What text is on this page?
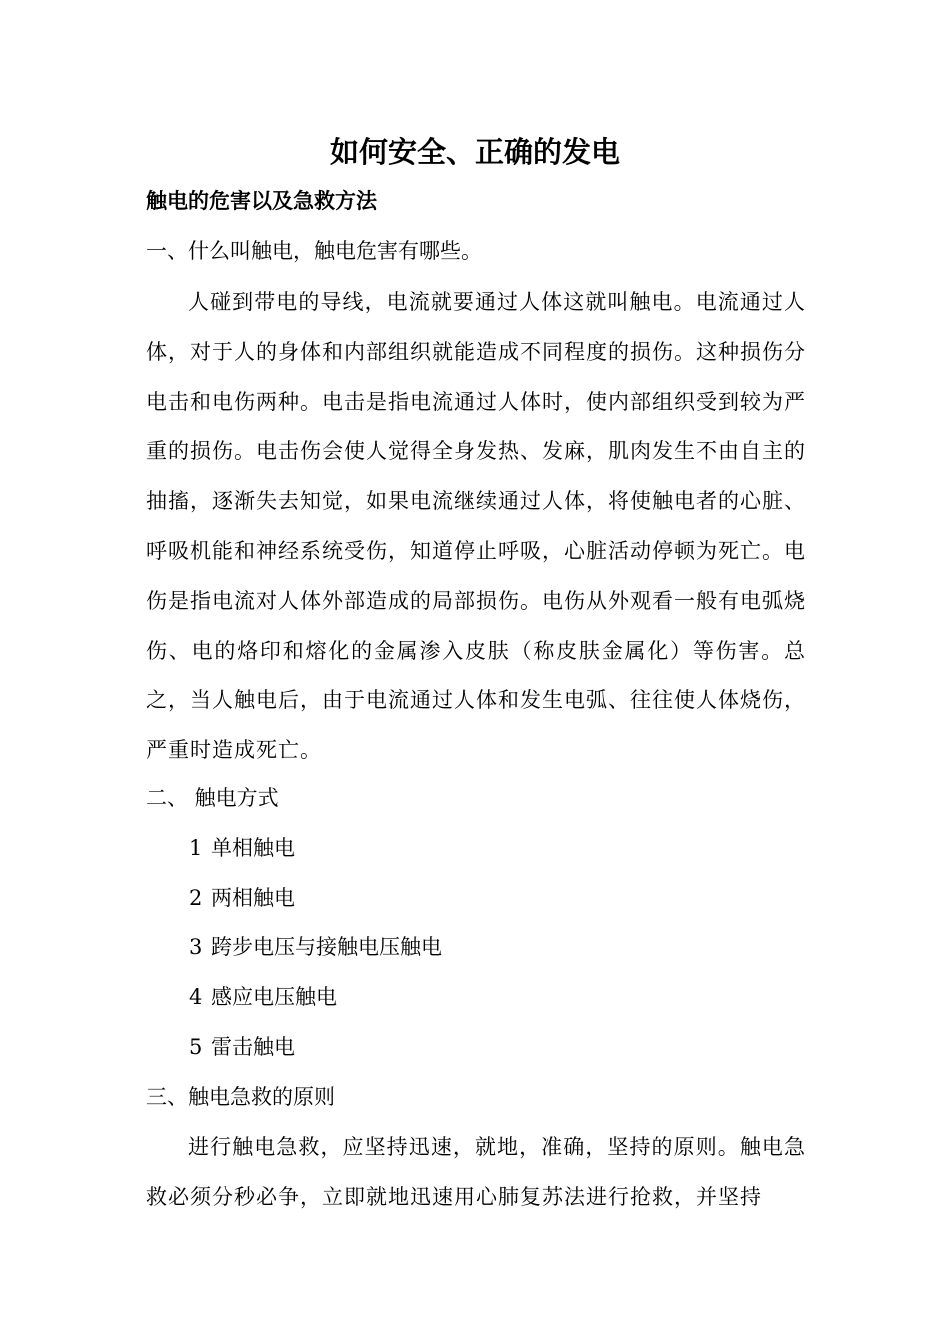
如何安全、正确的发电
触电的危害以及急救方法
一、什么叫触电，触电危害有哪些。

人碰到带电的导线，电流就要通过人体这就叫触电。电流通过人体，对于人的身体和内部组织就能造成不同程度的损伤。这种损伤分电击和电伤两种。电击是指电流通过人体时，使内部组织受到较为严重的损伤。电击伤会使人觉得全身发热、发麻，肌肉发生不由自主的抽搐，逐渐失去知觉，如果电流继续通过人体，将使触电者的心脏、呼吸机能和神经系统受伤，知道停止呼吸，心脏活动停顿为死亡。电伤是指电流对人体外部造成的局部损伤。电伤从外观看一般有电弧烧伤、电的烙印和熔化的金属渗入皮肤（称皮肤金属化）等伤害。总之，当人触电后，由于电流通过人体和发生电弧、往往使人体烧伤，严重时造成死亡。

二、 触电方式
1 单相触电
2 两相触电
3 跨步电压与接触电压触电
4 感应电压触电
5 雷击触电
三、触电急救的原则

进行触电急救，应坚持迅速，就地，准确，坚持的原则。触电急救必须分秒必争，立即就地迅速用心肺复苏法进行抢救，并坚持
